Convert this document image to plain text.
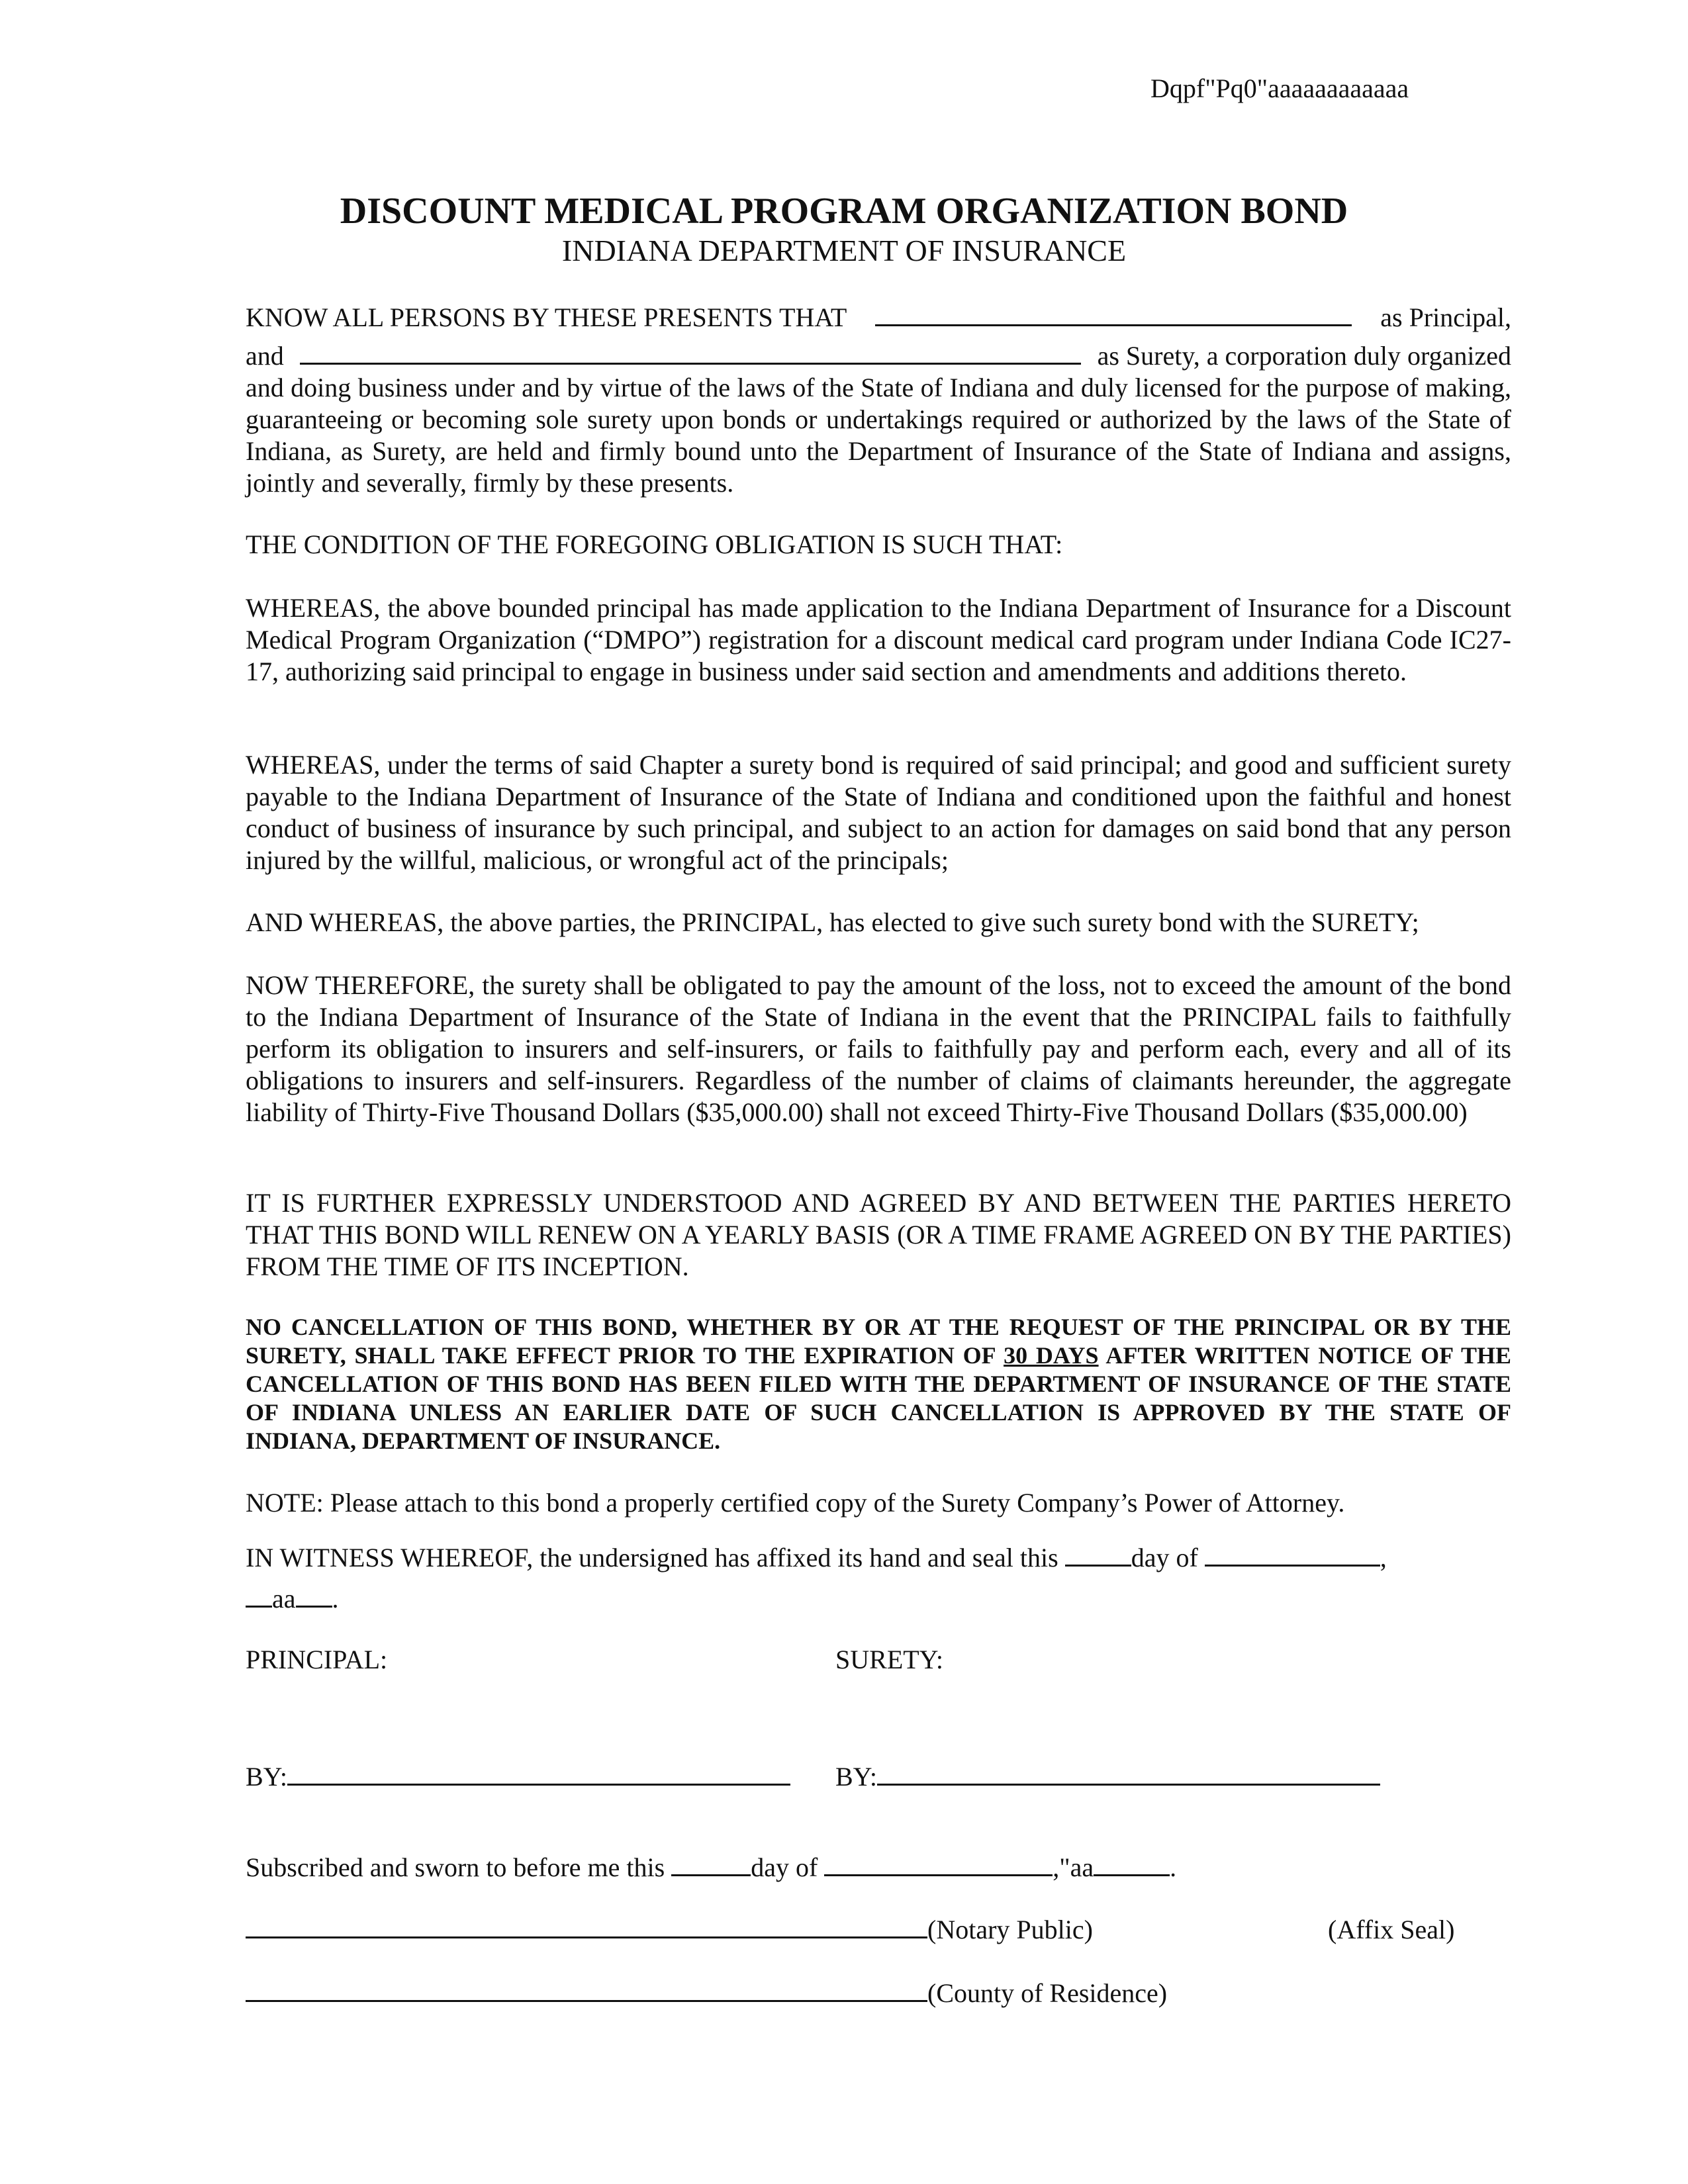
Dqpf"Pq0"aaaaaaaaaaaa
DISCOUNT MEDICAL PROGRAM ORGANIZATION BOND
INDIANA DEPARTMENT OF INSURANCE
KNOW ALL PERSONS BY THESE PRESENTS THAT	as Principal,
and	as Surety, a corporation duly organized
and doing business under and by virtue of the laws of the State of Indiana and duly licensed for the purpose of making, guaranteeing or becoming sole surety upon bonds or undertakings required or authorized by the laws of the State of Indiana, as Surety, are held and firmly bound unto the Department of Insurance of the State of Indiana and assigns, jointly and severally, firmly by these presents.
THE CONDITION OF THE FOREGOING OBLIGATION IS SUCH THAT:
WHEREAS, the above bounded principal has made application to the Indiana Department of Insurance for a Discount Medical Program Organization (“DMPO”) registration for a discount medical card program under Indiana Code IC27-17, authorizing said principal to engage in business under said section and amendments and additions thereto.
WHEREAS, under the terms of said Chapter a surety bond is required of said principal; and good and sufficient surety payable to the Indiana Department of Insurance of the State of Indiana and conditioned upon the faithful and honest conduct of business of insurance by such principal, and subject to an action for damages on said bond that any person injured by the willful, malicious, or wrongful act of the principals;
AND WHEREAS, the above parties, the PRINCIPAL, has elected to give such surety bond with the SURETY;
NOW THEREFORE, the surety shall be obligated to pay the amount of the loss, not to exceed the amount of the bond to the Indiana Department of Insurance of the State of Indiana in the event that the PRINCIPAL fails to faithfully perform its obligation to insurers and self-insurers, or fails to faithfully pay and perform each, every and all of its obligations to insurers and self-insurers. Regardless of the number of claims of claimants hereunder, the aggregate liability of Thirty-Five Thousand Dollars ($35,000.00) shall not exceed Thirty-Five Thousand Dollars ($35,000.00)
IT IS FURTHER EXPRESSLY UNDERSTOOD AND AGREED BY AND BETWEEN THE PARTIES HERETO THAT THIS BOND WILL RENEW ON A YEARLY BASIS (OR A TIME FRAME AGREED ON BY THE PARTIES) FROM THE TIME OF ITS INCEPTION.
NO CANCELLATION OF THIS BOND, WHETHER BY OR AT THE REQUEST OF THE PRINCIPAL OR BY THE SURETY, SHALL TAKE EFFECT PRIOR TO THE EXPIRATION OF 30 DAYS AFTER WRITTEN NOTICE OF THE CANCELLATION OF THIS BOND HAS BEEN FILED WITH THE DEPARTMENT OF INSURANCE OF THE STATE OF INDIANA UNLESS AN EARLIER DATE OF SUCH CANCELLATION IS APPROVED BY THE STATE OF INDIANA, DEPARTMENT OF INSURANCE.
NOTE: Please attach to this bond a properly certified copy of the Surety Company’s Power of Attorney.
IN WITNESS WHEREOF, the undersigned has affixed its hand and seal this	day of	,
aa .
PRINCIPAL:	SURETY:
BY:	BY:
Subscribed and sworn to before me this	day of	,"aa	.
(Notary Public)	(Affix Seal)
(County of Residence)
